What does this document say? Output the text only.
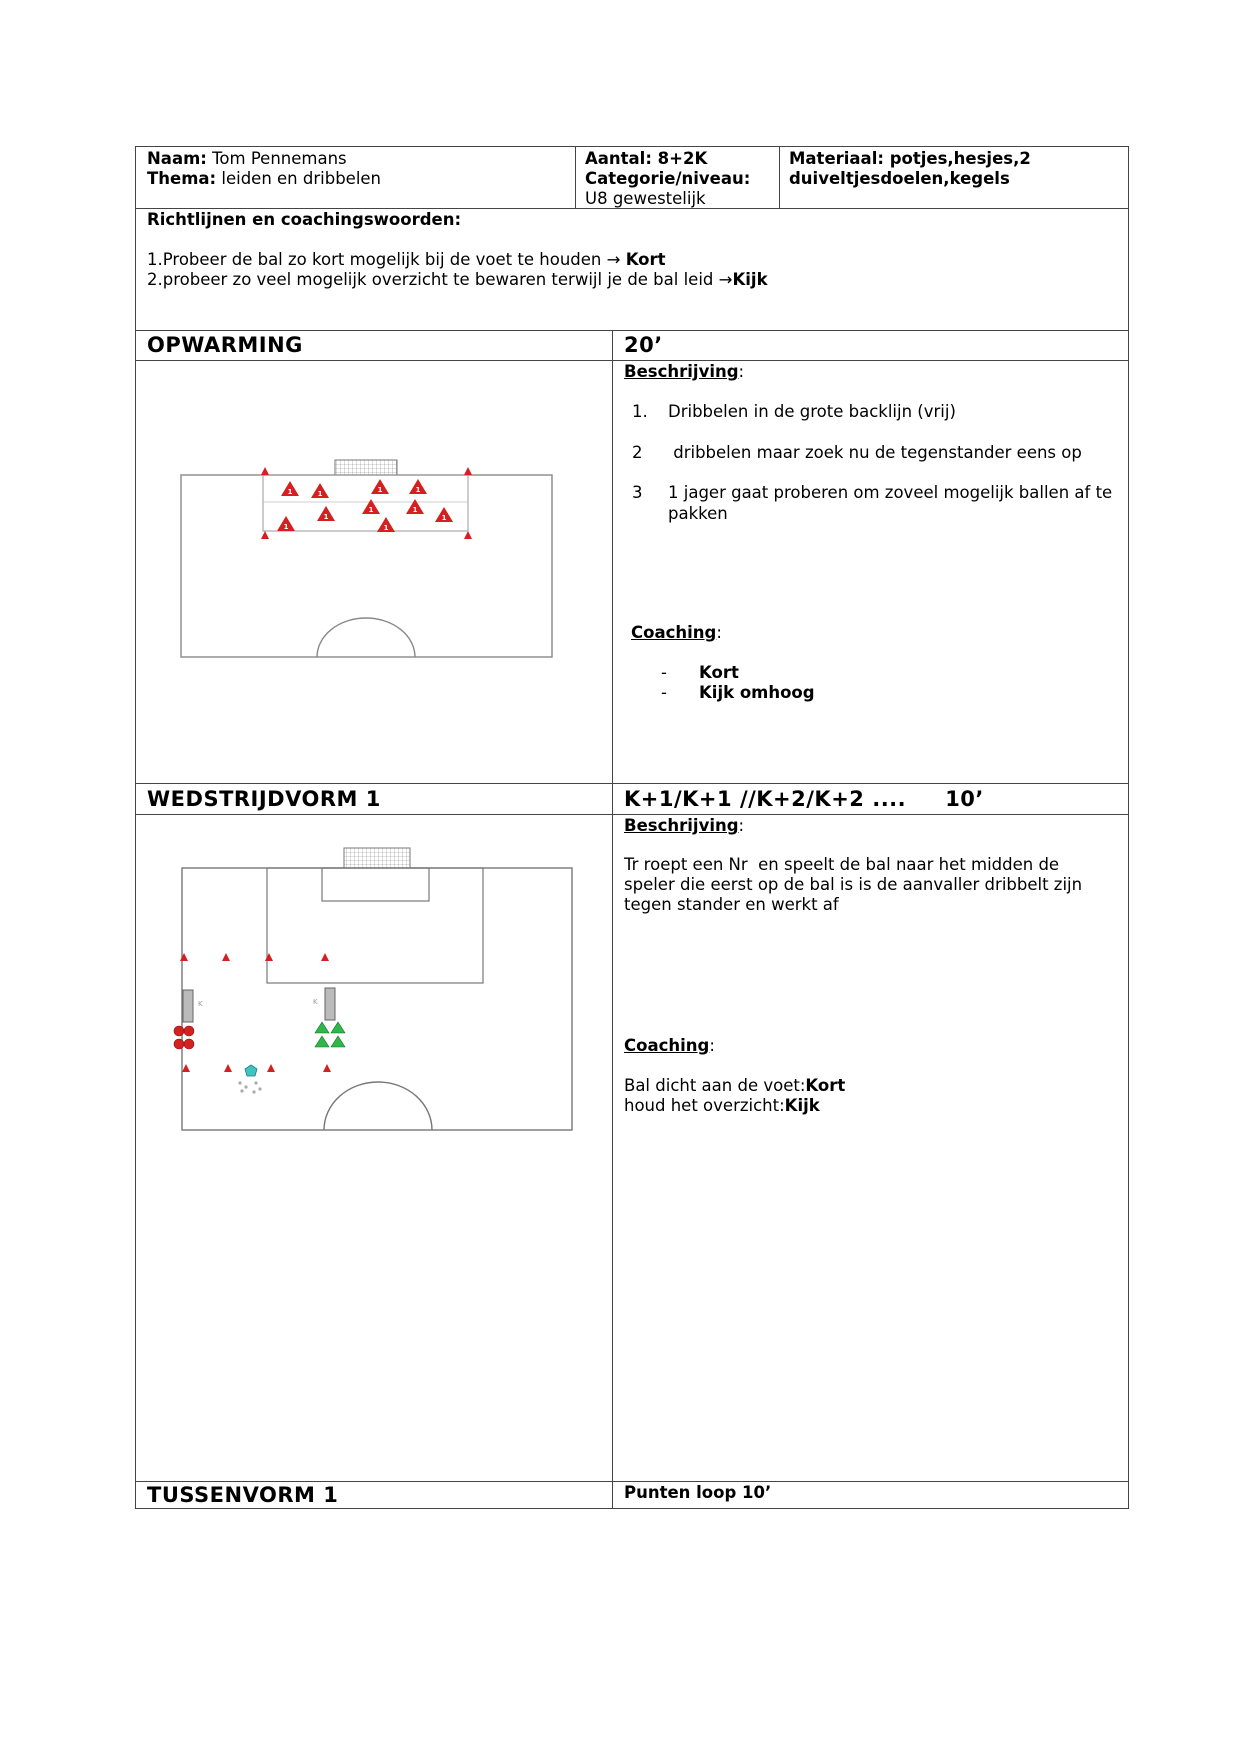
Naam: Tom Pennemans
Thema: leiden en dribbelen
Aantal: 8+2K
Categorie/niveau:
U8 gewestelijk
Materiaal: potjes,hesjes,2
duiveltjesdoelen,kegels
Richtlijnen en coachingswoorden:
1.Probeer de bal zo kort mogelijk bij de voet te houden → Kort
2.probeer zo veel mogelijk overzicht te bewaren terwijl je de bal leid →Kijk
OPWARMING	20’
Beschrijving:
1. Dribbelen in de grote backlijn (vrij)
2 dribbelen maar zoek nu de tegenstander eens op
3 1 jager gaat proberen om zoveel mogelijk ballen af te
pakken
Coaching:
- Kort
- Kijk omhoog
1	1	1	1
1	1
1	1
1	1
WEDSTRIJDVORM 1	K+1/K+1 //K+2/K+2 ....     10’
Beschrijving:
Tr roept een Nr  en speelt de bal naar het midden de
speler die eerst op de bal is is de aanvaller dribbelt zijn
tegen stander en werkt af
Coaching:
Bal dicht aan de voet:Kort
houd het overzicht:Kijk
K	K
TUSSENVORM 1	Punten loop 10’
